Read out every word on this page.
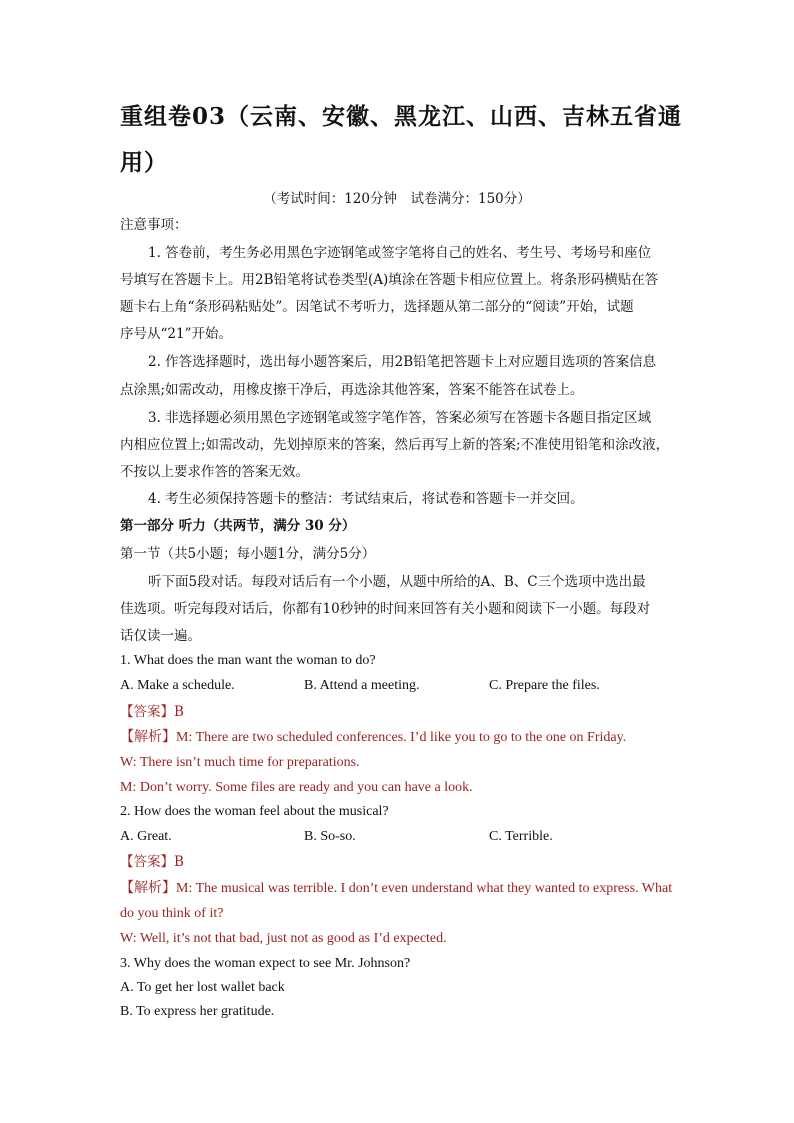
重组卷03（云南、安徽、黑龙江、山西、吉林五省通
用）
（考试时间：120分钟　试卷满分：150分）
注意事项：
1. 答卷前，考生务必用黑色字迹钢笔或签字笔将自己的姓名、考生号、考场号和座位
号填写在答题卡上。用2B铅笔将试卷类型(A)填涂在答题卡相应位置上。将条形码横贴在答
题卡右上角“条形码粘贴处”。因笔试不考听力，选择题从第二部分的“阅读”开始，试题
序号从“21”开始。
2. 作答选择题时，选出每小题答案后，用2B铅笔把答题卡上对应题目选项的答案信息
点涂黑;如需改动，用橡皮擦干净后，再选涂其他答案，答案不能答在试卷上。
3. 非选择题必须用黑色字迹钢笔或签字笔作答，答案必须写在答题卡各题目指定区域
内相应位置上;如需改动，先划掉原来的答案，然后再写上新的答案;不准使用铅笔和涂改液，
不按以上要求作答的答案无效。
4. 考生必须保持答题卡的整洁：考试结束后，将试卷和答题卡一并交回。
第一部分 听力（共两节，满分 30 分）
第一节（共5小题；每小题1分，满分5分）
听下面5段对话。每段对话后有一个小题，从题中所给的A、B、C三个选项中选出最
佳选项。听完每段对话后，你都有10秒钟的时间来回答有关小题和阅读下一小题。每段对
话仅读一遍。
1. What does the man want the woman to do?
A. Make a schedule.	B. Attend a meeting.	C. Prepare the files.
【答案】B
【解析】M: There are two scheduled conferences. I’d like you to go to the one on Friday.
W: There isn’t much time for preparations.
M: Don’t worry. Some files are ready and you can have a look.
2. How does the woman feel about the musical?
A. Great.	B. So-so.	C. Terrible.
【答案】B
【解析】M: The musical was terrible. I don’t even understand what they wanted to express. What
do you think of it?
W: Well, it’s not that bad, just not as good as I’d expected.
3. Why does the woman expect to see Mr. Johnson?
A. To get her lost wallet back
B. To express her gratitude.
